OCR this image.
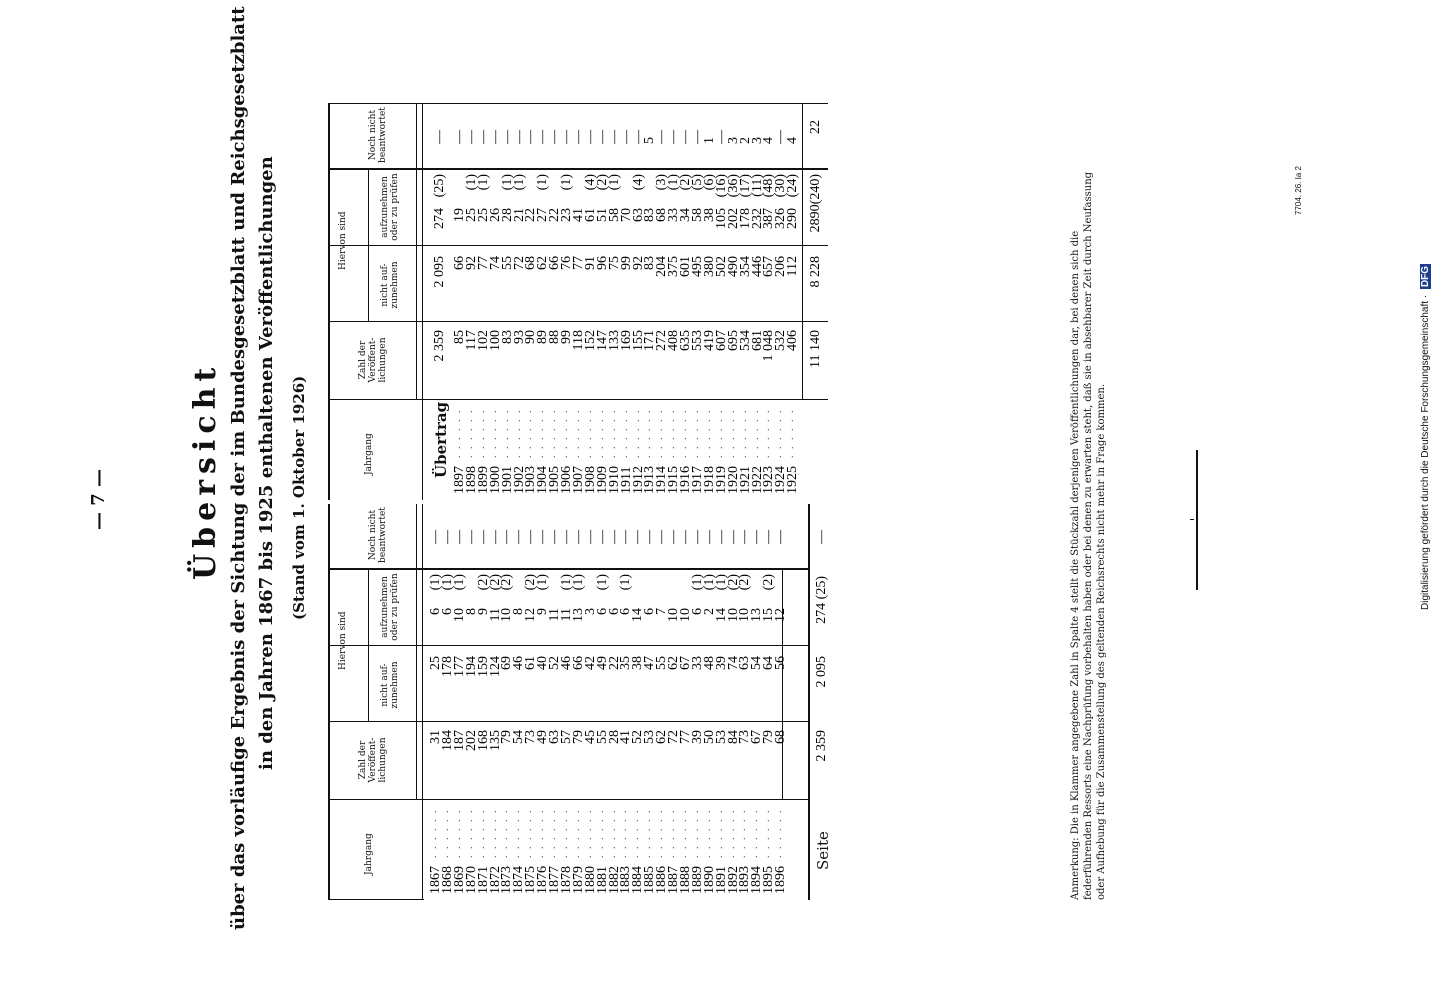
— 7 —	Übersicht über das vorläufige Ergebnis der Sichtung der im Bundesgesetzblatt und Reichsgesetzblatt in den Jahren 1867 bis 1925 enthaltenen Veröffentlichungen (Stand vom 1. Oktober 1926)
Jahrgang
Zahl der Veröffent-lichungen
Hiervon sind
nicht auf-zunehmen
aufzunehmen oder zu prüfen
Noch nicht beantwortet
1867
. . . . . .
31
25
6
(1)
—
1868
. . . . . .
184
178
6
(1)
—
1869
. . . . . .
187
177
10
(1)
—
1870
. . . . . .
202
194
8
—
1871
. . . . . .
168
159
9
(2)
—
1872
. . . . . .
135
124
11
(2)
—
1873
. . . . . .
79
69
10
(2)
—
1874
. . . . . .
54
46
8
—
1875
. . . . . .
73
61
12
(2)
—
1876
. . . . . .
49
40
9
(1)
—
1877
. . . . . .
63
52
11
—
1878
. . . . . .
57
46
11
(1)
—
1879
. . . . . .
79
66
13
(1)
—
1880
. . . . . .
45
42
3
—
1881
. . . . . .
55
49
6
(1)
—
1882
. . . . . .
28
22
6
—
1883
. . . . . .
41
35
6
(1)
—
1884
. . . . . .
52
38
14
—
1885
. . . . . .
53
47
6
—
1886
. . . . . .
62
55
7
—
1887
. . . . . .
72
62
10
—
1888
. . . . . .
77
67
10
—
1889
. . . . . .
39
33
6
(1)
—
1890
. . . . . .
50
48
2
(1)
—
1891
. . . . . .
53
39
14
(1)
—
1892
. . . . . .
84
74
10
(2)
—
1893
. . . . . .
73
63
10
(2)
—
1894
. . . . . .
67
54
13
—
1895
. . . . . .
79
64
15
(2)
—
1896
. . . . . .
68
56
12
—
Seite
2 359
2 095
274 (25)
—
Jahrgang
Zahl der Veröffent-lichungen
Hiervon sind
nicht auf-zunehmen
aufzunehmen oder zu prüfen
Noch nicht beantwortet
Übertrag
2 359
2 095
274
(25)
—
1897
. . . . . .
85
66
19
—
1898
. . . . . .
117
92
25
(1)
—
1899
. . . . . .
102
77
25
(1)
—
1900
. . . . . .
100
74
26
—
1901
. . . . . .
83
55
28
(1)
—
1902
. . . . . .
93
72
21
(1)
—
1903
. . . . . .
90
68
22
—
1904
. . . . . .
89
62
27
(1)
—
1905
. . . . . .
88
66
22
—
1906
. . . . . .
99
76
23
(1)
—
1907
. . . . . .
118
77
41
—
1908
. . . . . .
152
91
61
(4)
—
1909
. . . . . .
147
96
51
(2)
—
1910
. . . . . .
133
75
58
(1)
—
1911
. . . . . .
169
99
70
—
1912
. . . . . .
155
92
63
(4)
—
1913
. . . . . .
171
83
83
5
1914
. . . . . .
272
204
68
(3)
—
1915
. . . . . .
408
375
33
(1)
—
1916
. . . . . .
635
601
34
(2)
—
1917
. . . . . .
553
495
58
(5)
—
1918
. . . . . .
419
380
38
(6)
1
1919
. . . . . .
607
502
105
(16)
—
1920
. . . . . .
695
490
202
(36)
3
1921
. . . . . .
534
354
178
(17)
2
1922
. . . . . .
681
446
232
(11)
3
1923
. . . . . .
1 048
657
387
(48)
4
1924
. . . . . .
532
206
326
(30)
—
1925
. . . . . .
406
112
290
(24)
4
11 140
8 228
2890(240)
22
Anmerkung: Die in Klammer angegebene Zahl in Spalte 4 stellt die Stückzahl derjenigen Veröffentlichungen dar, bei denen sich die federführenden Ressorts eine Nachprüfung vorbehalten haben oder bei denen zu erwarten steht, daß sie in absehbarer Zeit durch Neufassung oder Aufhebung für die Zusammenstellung des geltenden Reichsrechts nicht mehr in Frage kommen.
7704. 26. Ia 2
Digitalisierung gefördert durch die Deutsche Forschungsgemeinschaft · DFG
